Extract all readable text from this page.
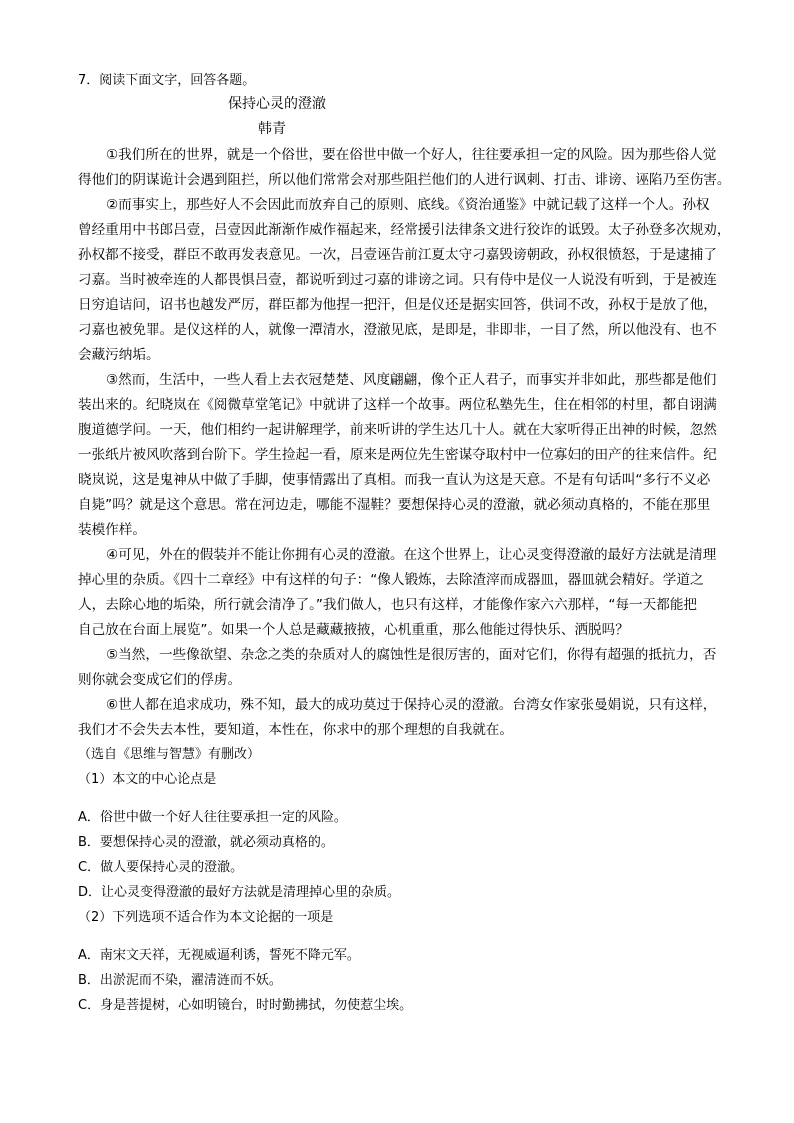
7．阅读下面文字，回答各题。
保持心灵的澄澈
韩青
①我们所在的世界，就是一个俗世，要在俗世中做一个好人，往往要承担一定的风险。因为那些俗人觉
得他们的阴谋诡计会遇到阻拦，所以他们常常会对那些阻拦他们的人进行讽刺、打击、诽谤、诬陷乃至伤害。
②而事实上，那些好人不会因此而放弃自己的原则、底线。《资治通鉴》中就记载了这样一个人。孙权
曾经重用中书郎吕壹，吕壹因此渐渐作威作福起来，经常援引法律条文进行狡诈的诋毁。太子孙登多次规劝，
孙权都不接受，群臣不敢再发表意见。一次，吕壹诬告前江夏太守刁嘉毁谤朝政，孙权很愤怒，于是逮捕了
刁嘉。当时被牵连的人都畏惧吕壹，都说听到过刁嘉的诽谤之词。只有侍中是仪一人说没有听到，于是被连
日穷追诘问，诏书也越发严厉，群臣都为他捏一把汗，但是仪还是据实回答，供词不改，孙权于是放了他，
刁嘉也被免罪。是仪这样的人，就像一潭清水，澄澈见底，是即是，非即非，一目了然，所以他没有、也不
会藏污纳垢。
③然而，生活中，一些人看上去衣冠楚楚、风度翩翩，像个正人君子，而事实并非如此，那些都是他们
装出来的。纪晓岚在《阅微草堂笔记》中就讲了这样一个故事。两位私塾先生，住在相邻的村里，都自诩满
腹道德学问。一天，他们相约一起讲解理学，前来听讲的学生达几十人。就在大家听得正出神的时候，忽然
一张纸片被风吹落到台阶下。学生捡起一看，原来是两位先生密谋夺取村中一位寡妇的田产的往来信件。纪
晓岚说，这是鬼神从中做了手脚，使事情露出了真相。而我一直认为这是天意。不是有句话叫“多行不义必
自毙”吗？就是这个意思。常在河边走，哪能不湿鞋？要想保持心灵的澄澈，就必须动真格的，不能在那里
装模作样。
④可见，外在的假装并不能让你拥有心灵的澄澈。在这个世界上，让心灵变得澄澈的最好方法就是清理
掉心里的杂质。《四十二章经》中有这样的句子：“像人锻炼，去除渣滓而成器皿，器皿就会精好。学道之
人，去除心地的垢染，所行就会清净了。”我们做人，也只有这样，才能像作家六六那样，“每一天都能把
自己放在台面上展览”。如果一个人总是藏藏掖掖，心机重重，那么他能过得快乐、洒脱吗？
⑤当然，一些像欲望、杂念之类的杂质对人的腐蚀性是很厉害的，面对它们，你得有超强的抵抗力，否
则你就会变成它们的俘虏。
⑥世人都在追求成功，殊不知，最大的成功莫过于保持心灵的澄澈。台湾女作家张曼娟说，只有这样，
我们才不会失去本性，要知道，本性在，你求中的那个理想的自我就在。
（选自《思维与智慧》有删改）
（1）本文的中心论点是
A．俗世中做一个好人往往要承担一定的风险。
B．要想保持心灵的澄澈，就必须动真格的。
C．做人要保持心灵的澄澈。
D．让心灵变得澄澈的最好方法就是清理掉心里的杂质。
（2）下列选项不适合作为本文论据的一项是
A．南宋文天祥，无视威逼利诱，誓死不降元军。
B．出淤泥而不染，濯清涟而不妖。
C．身是菩提树，心如明镜台，时时勤拂拭，勿使惹尘埃。
